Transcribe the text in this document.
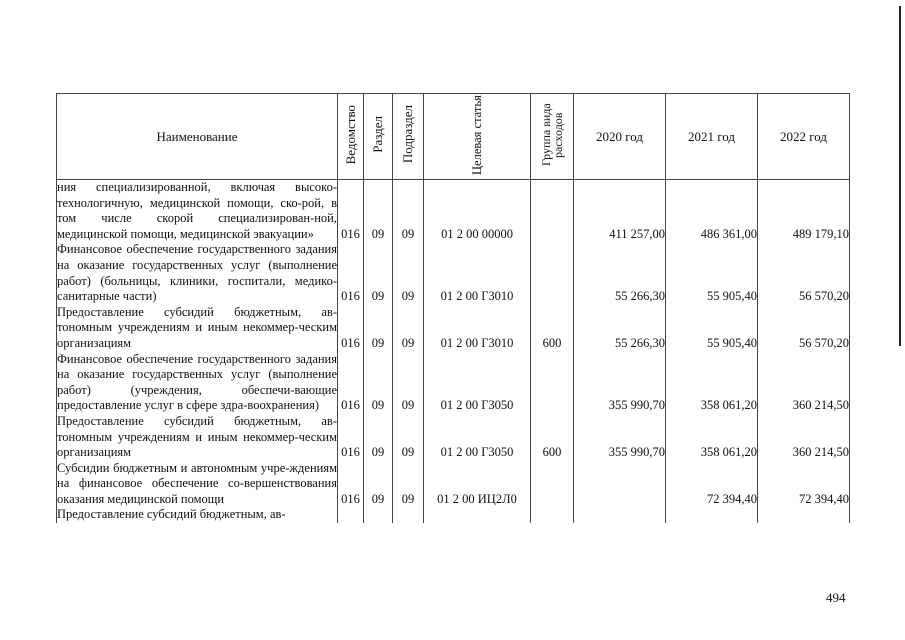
Наименование	Ведомство	Раздел	Подраздел	Целевая статья	Группа вида расходов	2020 год	2021 год	2022 год
ния специализированной, включая высоко-технологичную, медицинской помощи, ско-рой, в том числе скорой специализирован-ной, медицинской помощи, медицинской эвакуации»	016	09	09	01 2 00 00000		411 257,00	486 361,00	489 179,10
Финансовое обеспечение государственного задания на оказание государственных услуг (выполнение работ) (больницы, клиники, госпитали, медико-санитарные части)	016	09	09	01 2 00 Г3010		55 266,30	55 905,40	56 570,20
Предоставление субсидий бюджетным, ав-тономным учреждениям и иным некоммер-ческим организациям	016	09	09	01 2 00 Г3010	600	55 266,30	55 905,40	56 570,20
Финансовое обеспечение государственного задания на оказание государственных услуг (выполнение работ) (учреждения, обеспечи-вающие предоставление услуг в сфере здра-воохранения)	016	09	09	01 2 00 Г3050		355 990,70	358 061,20	360 214,50
Предоставление субсидий бюджетным, ав-тономным учреждениям и иным некоммер-ческим организациям	016	09	09	01 2 00 Г3050	600	355 990,70	358 061,20	360 214,50
Субсидии бюджетным и автономным учре-ждениям на финансовое обеспечение со-вершенствования оказания медицинской помощи	016	09	09	01 2 00 ИЦ2Л0			72 394,40	72 394,40
Предоставление субсидий бюджетным, ав-								
494
